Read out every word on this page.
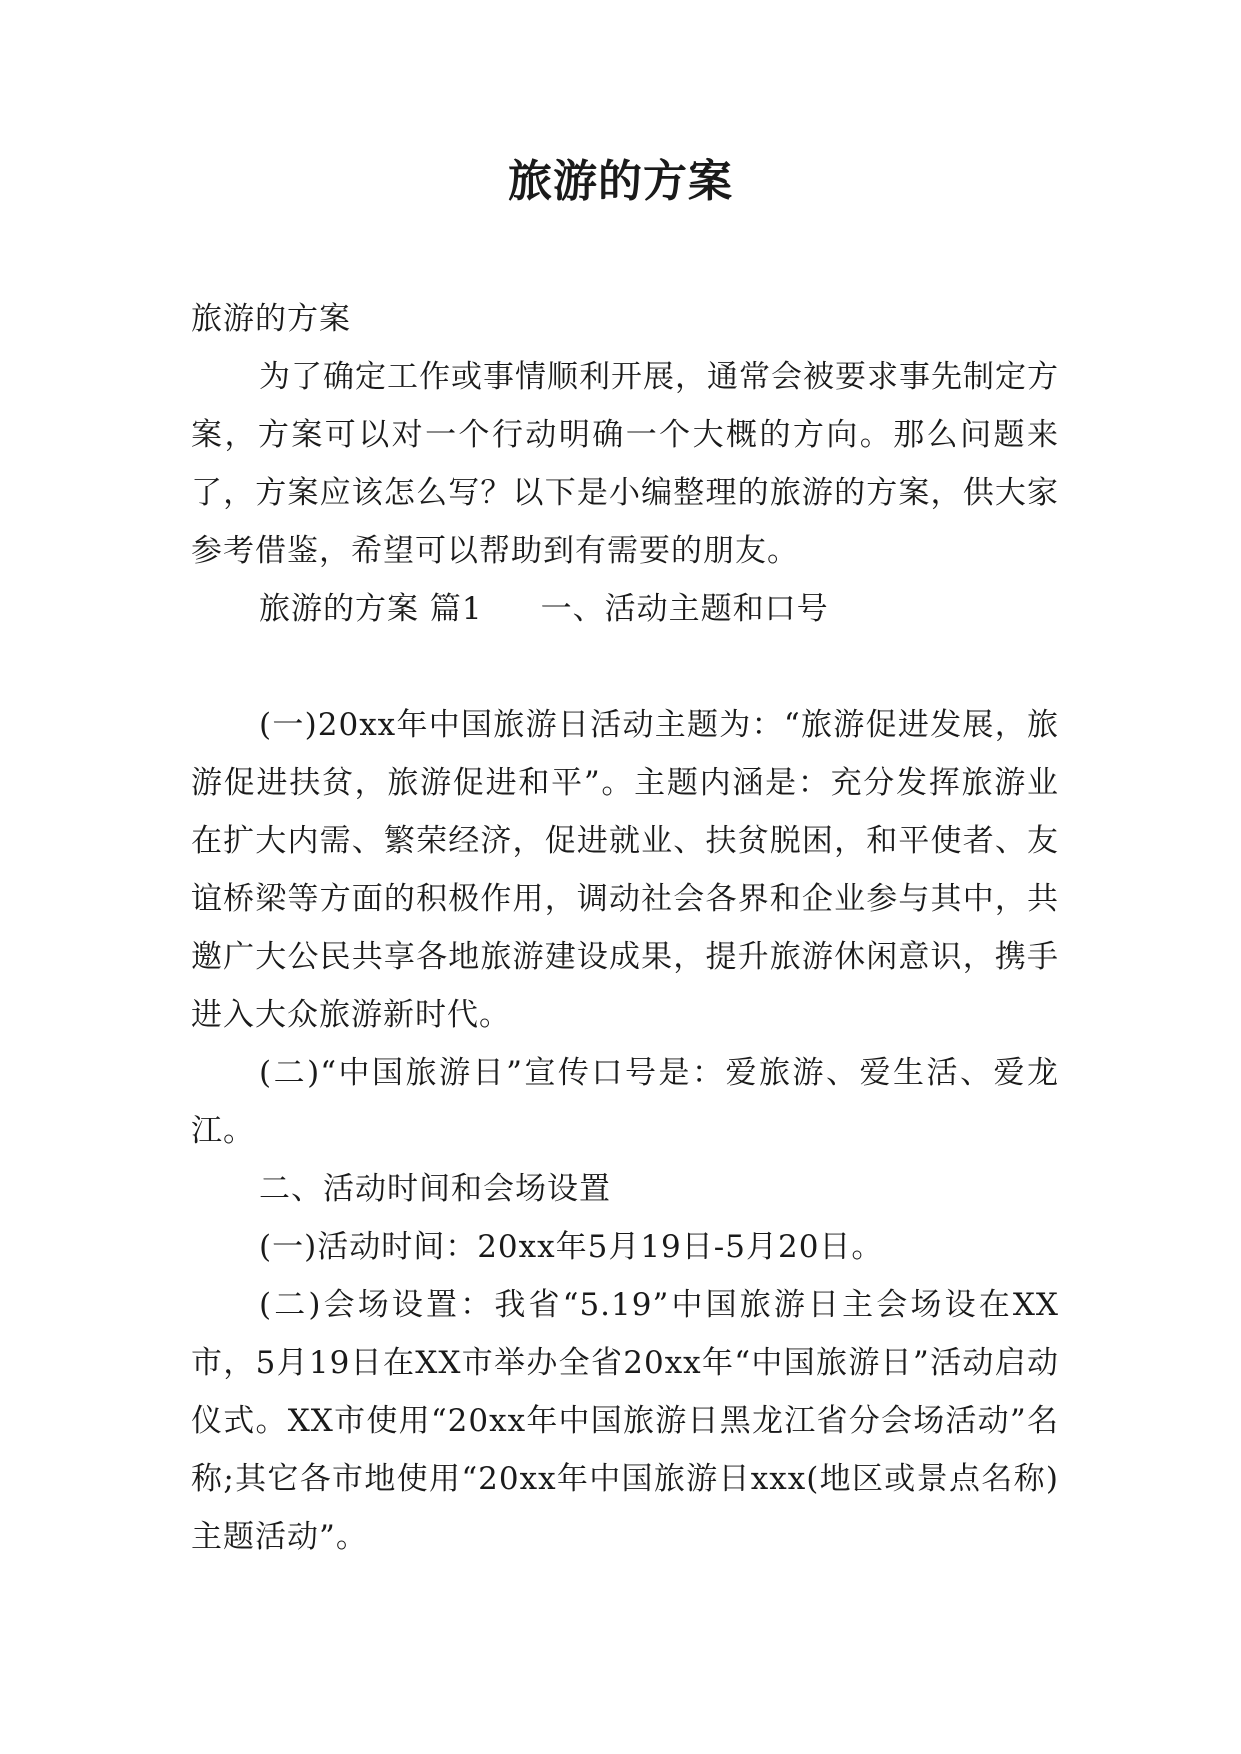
旅游的方案

旅游的方案

为了确定工作或事情顺利开展，通常会被要求事先制定方案，方案可以对一个行动明确一个大概的方向。那么问题来了，方案应该怎么写？以下是小编整理的旅游的方案，供大家参考借鉴，希望可以帮助到有需要的朋友。

旅游的方案 篇1 一、活动主题和口号

(一)20xx年中国旅游日活动主题为：“旅游促进发展，旅游促进扶贫，旅游促进和平”。主题内涵是：充分发挥旅游业在扩大内需、繁荣经济，促进就业、扶贫脱困，和平使者、友谊桥梁等方面的积极作用，调动社会各界和企业参与其中，共邀广大公民共享各地旅游建设成果，提升旅游休闲意识，携手进入大众旅游新时代。

(二)“中国旅游日”宣传口号是：爱旅游、爱生活、爱龙江。

二、活动时间和会场设置

(一)活动时间：20xx年5月19日-5月20日。

(二)会场设置：我省“5.19”中国旅游日主会场设在XX市，5月19日在XX市举办全省20xx年“中国旅游日”活动启动仪式。XX市使用“20xx年中国旅游日黑龙江省分会场活动”名称;其它各市地使用“20xx年中国旅游日xxx(地区或景点名称)主题活动”。
